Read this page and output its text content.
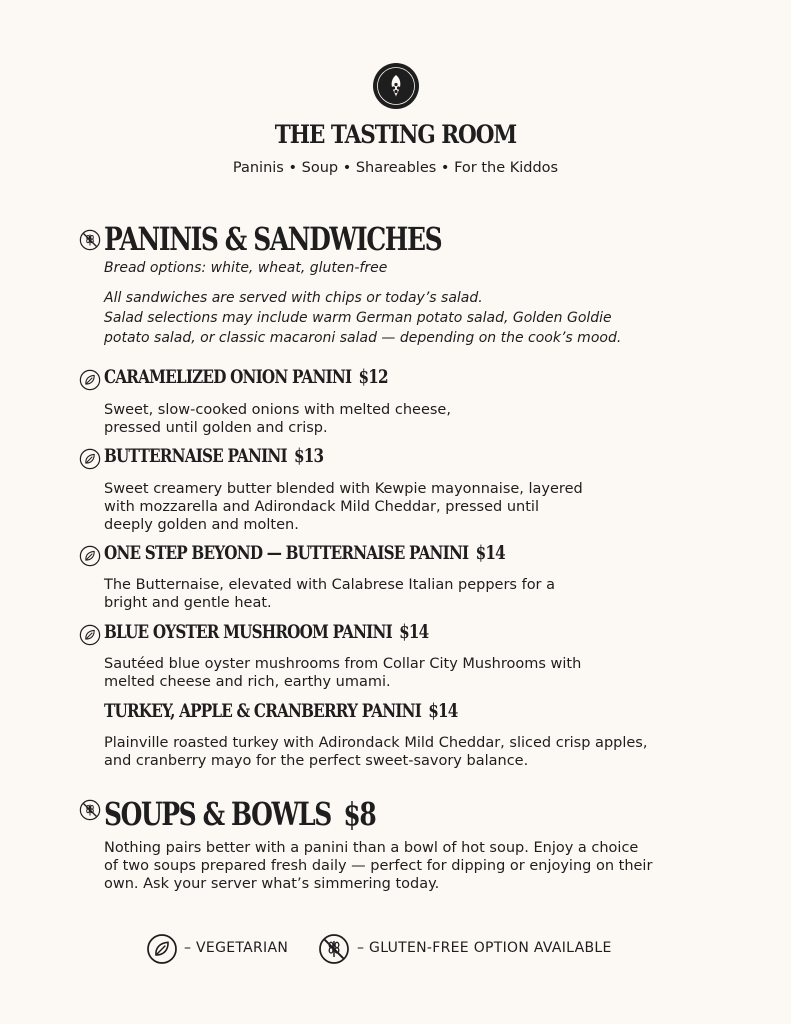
THE TASTING ROOM
Paninis • Soup • Shareables • For the Kiddos
PANINIS & SANDWICHES
Bread options: white, wheat, gluten-free
All sandwiches are served with chips or today’s salad.
Salad selections may include warm German potato salad, Golden Goldie
potato salad, or classic macaroni salad — depending on the cook’s mood.
CARAMELIZED ONION PANINI $12
Sweet, slow-cooked onions with melted cheese,
pressed until golden and crisp.
BUTTERNAISE PANINI $13
Sweet creamery butter blended with Kewpie mayonnaise, layered
with mozzarella and Adirondack Mild Cheddar, pressed until
deeply golden and molten.
ONE STEP BEYOND — BUTTERNAISE PANINI $14
The Butternaise, elevated with Calabrese Italian peppers for a
bright and gentle heat.
BLUE OYSTER MUSHROOM PANINI $14
Sautéed blue oyster mushrooms from Collar City Mushrooms with
melted cheese and rich, earthy umami.
TURKEY, APPLE & CRANBERRY PANINI $14
Plainville roasted turkey with Adirondack Mild Cheddar, sliced crisp apples,
and cranberry mayo for the perfect sweet-savory balance.
SOUPS & BOWLS $8
Nothing pairs better with a panini than a bowl of hot soup. Enjoy a choice
of two soups prepared fresh daily — perfect for dipping or enjoying on their
own. Ask your server what’s simmering today.
– VEGETARIAN	– GLUTEN-FREE OPTION AVAILABLE
